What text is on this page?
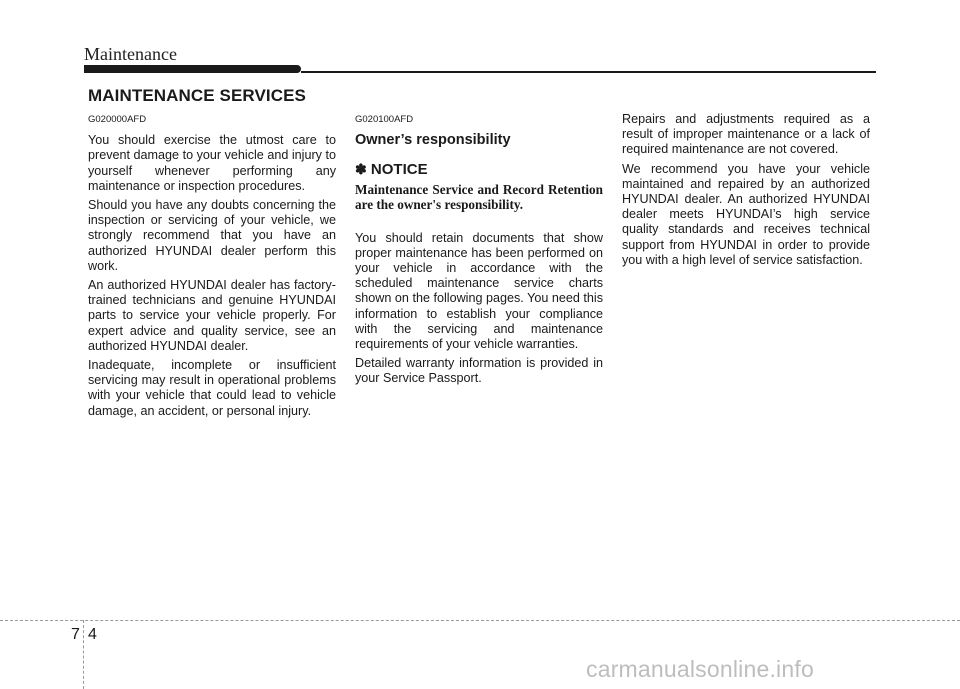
Maintenance
MAINTENANCE SERVICES
G020000AFD

You should exercise the utmost care to prevent damage to your vehicle and injury to yourself whenever performing any maintenance or inspection procedures.

Should you have any doubts concerning the inspection or servicing of your vehicle, we strongly recommend that you have an authorized HYUNDAI dealer perform this work.

An authorized HYUNDAI dealer has factory-trained technicians and genuine HYUNDAI parts to service your vehicle properly. For expert advice and quality service, see an authorized HYUNDAI dealer.

Inadequate, incomplete or insufficient servicing may result in operational problems with your vehicle that could lead to vehicle damage, an accident, or personal injury.

G020100AFD
Owner’s responsibility
✽ NOTICE
Maintenance Service and Record Retention are the owner's responsibility.

You should retain documents that show proper maintenance has been performed on your vehicle in accordance with the scheduled maintenance service charts shown on the following pages. You need this information to establish your compliance with the servicing and maintenance requirements of your vehicle warranties.

Detailed warranty information is provided in your Service Passport.

Repairs and adjustments required as a result of improper maintenance or a lack of required maintenance are not covered.

We recommend you have your vehicle maintained and repaired by an authorized HYUNDAI dealer. An authorized HYUNDAI dealer meets HYUNDAI’s high service quality standards and receives technical support from HYUNDAI in order to provide you with a high level of service satisfaction.

7 4
carmanualsonline.info
